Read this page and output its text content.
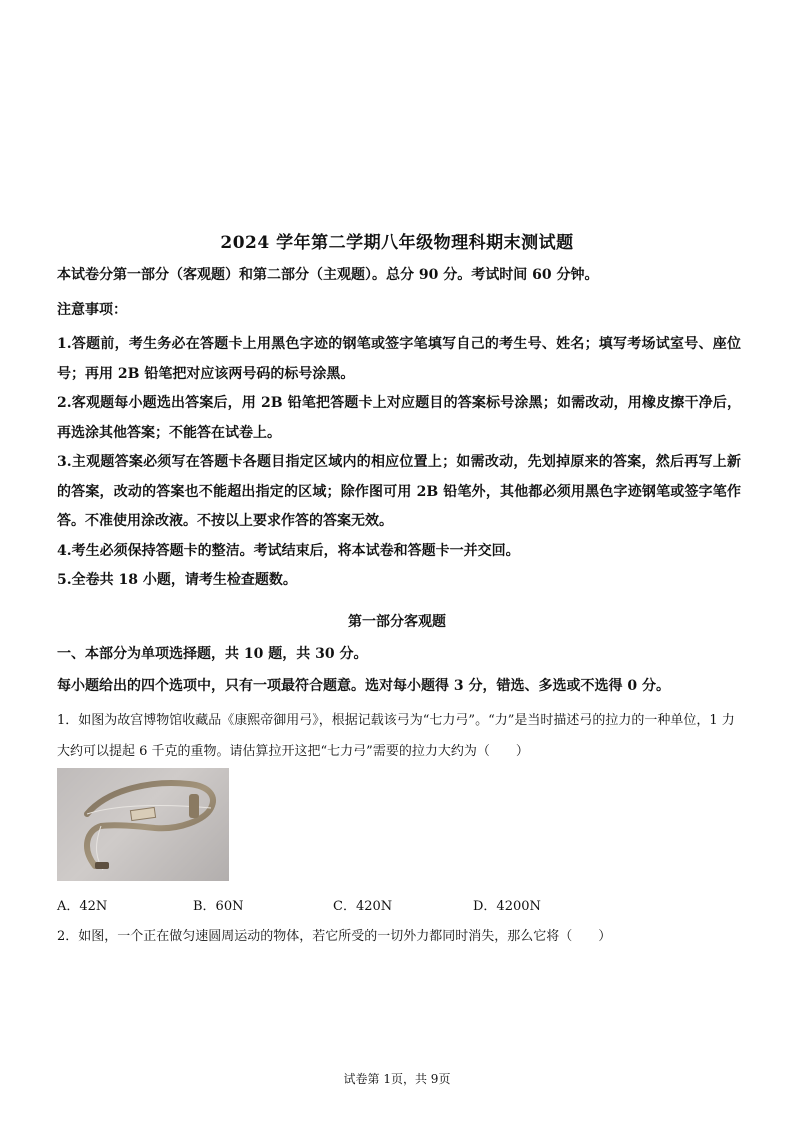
2024 学年第二学期八年级物理科期末测试题
本试卷分第一部分（客观题）和第二部分（主观题）。总分 90 分。考试时间 60 分钟。
注意事项：
1.答题前，考生务必在答题卡上用黑色字迹的钢笔或签字笔填写自己的考生号、姓名；填写考场试室号、座位号；再用 2B 铅笔把对应该两号码的标号涂黑。
2.客观题每小题选出答案后，用 2B 铅笔把答题卡上对应题目的答案标号涂黑；如需改动，用橡皮擦干净后，再选涂其他答案；不能答在试卷上。
3.主观题答案必须写在答题卡各题目指定区域内的相应位置上；如需改动，先划掉原来的答案，然后再写上新的答案，改动的答案也不能超出指定的区域；除作图可用 2B 铅笔外，其他都必须用黑色字迹钢笔或签字笔作答。不准使用涂改液。不按以上要求作答的答案无效。
4.考生必须保持答题卡的整洁。考试结束后，将本试卷和答题卡一并交回。
5.全卷共 18 小题，请考生检查题数。
第一部分客观题
一、本部分为单项选择题，共 10 题，共 30 分。
每小题给出的四个选项中，只有一项最符合题意。选对每小题得 3 分，错选、多选或不选得 0 分。
1．如图为故宫博物馆收藏品《康熙帝御用弓》，根据记载该弓为“七力弓”。“力”是当时描述弓的拉力的一种单位，1 力大约可以提起 6 千克的重物。请估算拉开这把“七力弓”需要的拉力大约为（　　）
A．42N	B．60N	C．420N	D．4200N
2．如图，一个正在做匀速圆周运动的物体，若它所受的一切外力都同时消失，那么它将（　　）
试卷第 1页，共 9页
